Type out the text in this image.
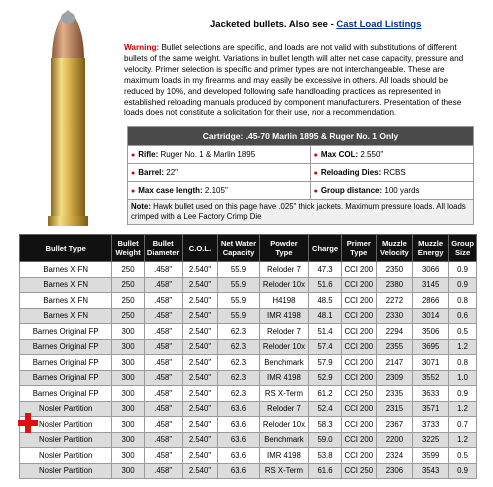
Jacketed bullets. Also see - Cast Load Listings
Warning: Bullet selections are specific, and loads are not valid with substitutions of different bullets of the same weight. Variations in bullet length will alter net case capacity, pressure and velocity. Primer selection is specific and primer types are not interchangeable. These are maximum loads in my firearms and may easily be excessive in others. All loads should be reduced by 10%, and developed following safe handloading practices as represented in established reloading manuals produced by component manufacturers. Presentation of these loads does not constitute a solicitation for their use, nor a recommendation.
Cartridge: .45-70 Marlin 1895 & Ruger No. 1 Only	
● Rifle: Ruger No. 1 & Marlin 1895	● Max COL: 2.550"
● Barrel: 22"	● Reloading Dies: RCBS
● Max case length: 2.105"	● Group distance: 100 yards
Note: Hawk bullet used on this page have .025" thick jackets. Maximum pressure loads. All loads crimped with a Lee Factory Crimp Die	
Bullet Type	Bullet Weight	Bullet Diameter	C.O.L.	Net Water Capacity	Powder Type	Charge	Primer Type	Muzzle Velocity	Muzzle Energy	Group Size
Barnes X FN	250	.458"	2.540"	55.9	Reloder 7	47.3	CCI 200	2350	3066	0.9
Barnes X FN	250	.458"	2.540"	55.9	Reloder 10x	51.6	CCI 200	2380	3145	0.9
Barnes X FN	250	.458"	2.540"	55.9	H4198	48.5	CCI 200	2272	2866	0.8
Barnes X FN	250	.458"	2.540"	55.9	IMR 4198	48.1	CCI 200	2330	3014	0.6
Barnes Original FP	300	.458"	2.540"	62.3	Reloder 7	51.4	CCI 200	2294	3506	0.5
Barnes Original FP	300	.458"	2.540"	62.3	Reloder 10x	57.4	CCI 200	2355	3695	1.2
Barnes Original FP	300	.458"	2.540"	62.3	Benchmark	57.9	CCI 200	2147	3071	0.8
Barnes Original FP	300	.458"	2.540"	62.3	IMR 4198	52.9	CCI 200	2309	3552	1.0
Barnes Original FP	300	.458"	2.540"	62.3	RS X-Term	61.2	CCI 250	2335	3633	0.9
Nosler Partition	300	.458"	2.540"	63.6	Reloder 7	52.4	CCI 200	2315	3571	1.2

Nosler Partition	300	.458"	2.540"	63.6	Reloder 10x	58.3	CCI 200	2367	3733	0.7
Nosler Partition	300	.458"	2.540"	63.6	Benchmark	59.0	CCI 200	2200	3225	1.2
Nosler Partition	300	.458"	2.540"	63.6	IMR 4198	53.8	CCI 200	2324	3599	0.5
Nosler Partition	300	.458"	2.540"	63.6	RS X-Term	61.6	CCI 250	2306	3543	0.9
